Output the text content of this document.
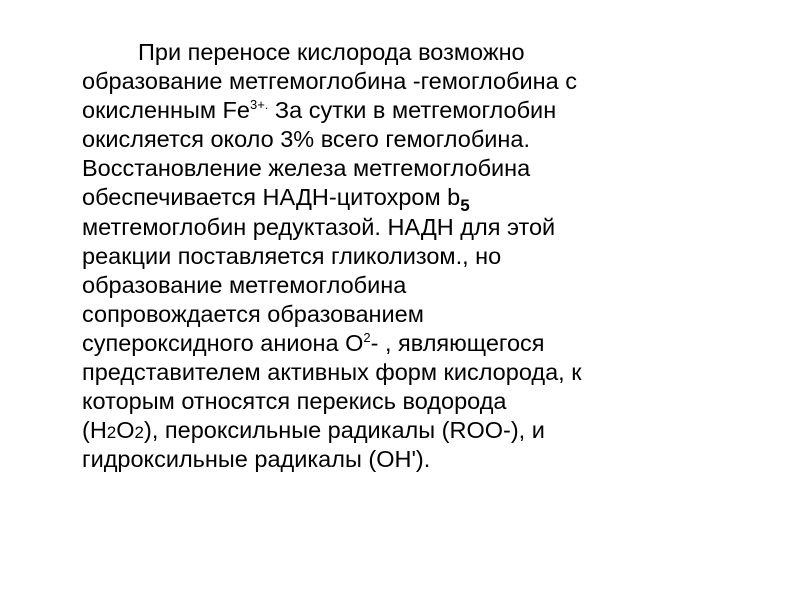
При переносе кислорода возможно
образование метгемоглобина -гемоглобина с
окисленным $Fe^{3+.}$ За сутки в метгемоглобин
окисляется около 3% всего гемоглобина.
Восстановление железа метгемоглобина
обеспечивается НАДН-цитохром $b_5$
метгемоглобин редуктазой. НАДН для этой
реакции поставляется гликолизом., но
образование метгемоглобина
сопровождается образованием
супероксидного аниона $O^2-$ , являющегося
представителем активных форм кислорода, к
которым относятся перекись водорода
(H2O2), пероксильные радикалы (ROO-), и
гидроксильные радикалы (OH').
